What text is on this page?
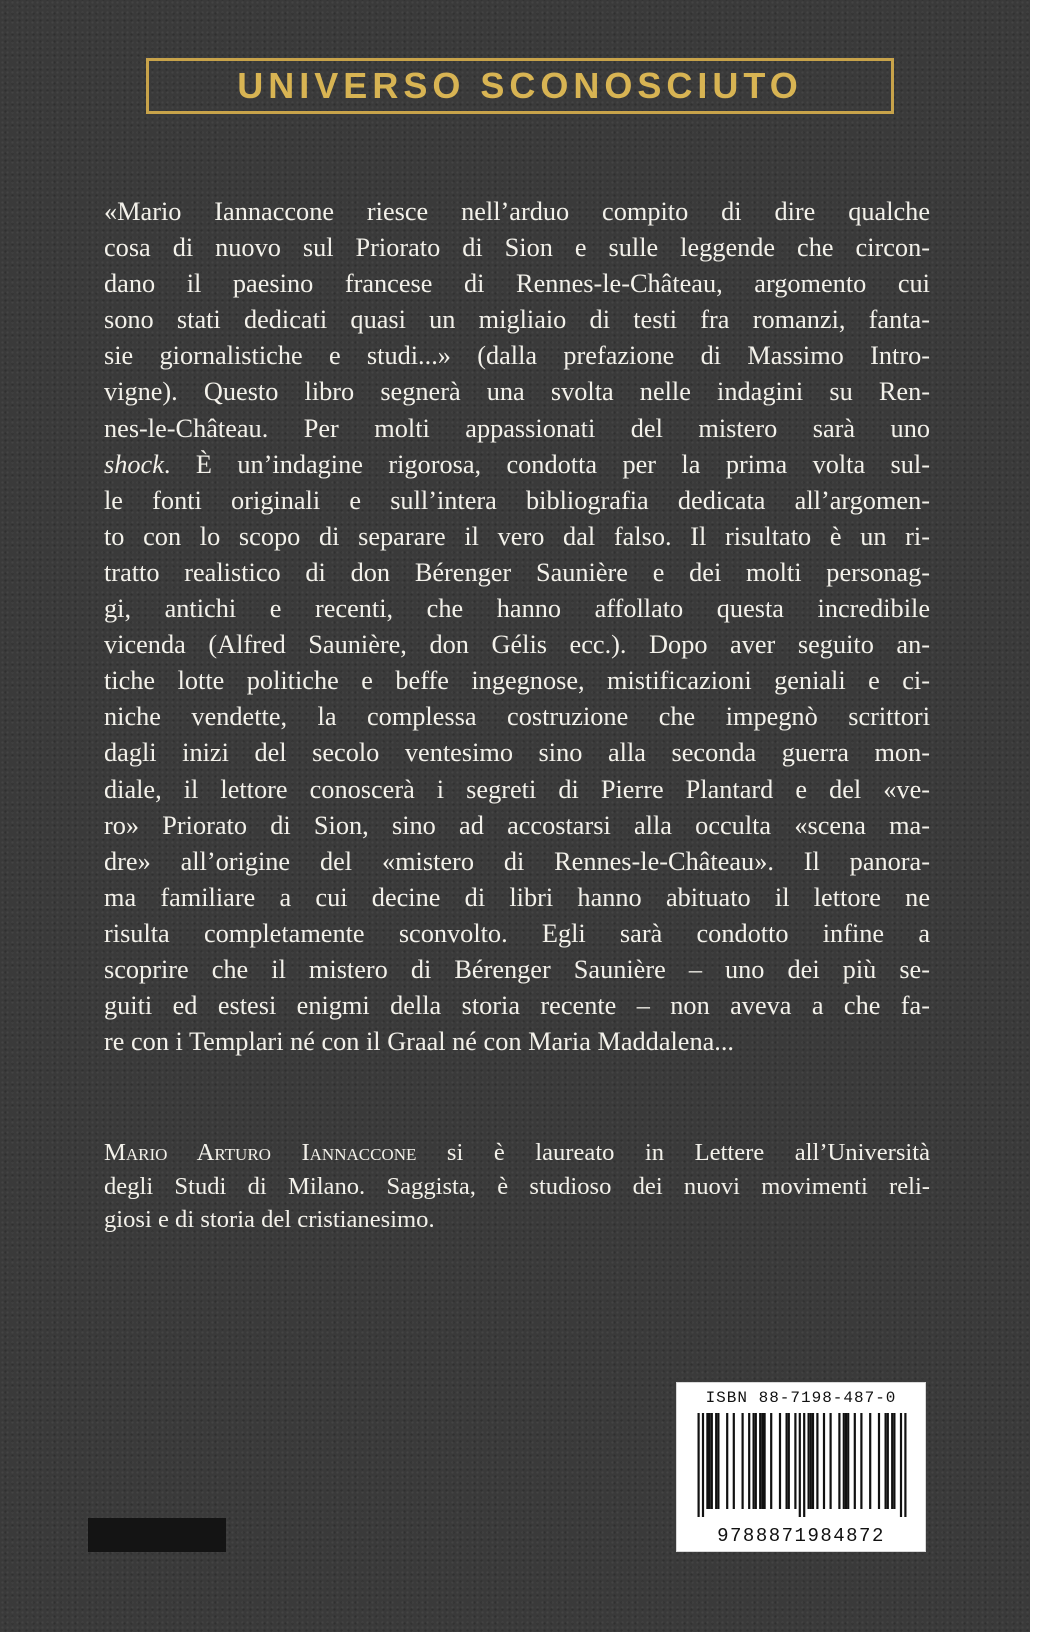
UNIVERSO SCONOSCIUTO
«Mario Iannaccone riesce nell’arduo compito di dire qualche
cosa di nuovo sul Priorato di Sion e sulle leggende che circon-
dano il paesino francese di Rennes-le-Château, argomento cui
sono stati dedicati quasi un migliaio di testi fra romanzi, fanta-
sie giornalistiche e studi...» (dalla prefazione di Massimo Intro-
vigne). Questo libro segnerà una svolta nelle indagini su Ren-
nes-le-Château. Per molti appassionati del mistero sarà uno
shock. È un’indagine rigorosa, condotta per la prima volta sul-
le fonti originali e sull’intera bibliografia dedicata all’argomen-
to con lo scopo di separare il vero dal falso. Il risultato è un ri-
tratto realistico di don Bérenger Saunière e dei molti personag-
gi, antichi e recenti, che hanno affollato questa incredibile
vicenda (Alfred Saunière, don Gélis ecc.). Dopo aver seguito an-
tiche lotte politiche e beffe ingegnose, mistificazioni geniali e ci-
niche vendette, la complessa costruzione che impegnò scrittori
dagli inizi del secolo ventesimo sino alla seconda guerra mon-
diale, il lettore conoscerà i segreti di Pierre Plantard e del «ve-
ro» Priorato di Sion, sino ad accostarsi alla occulta «scena ma-
dre» all’origine del «mistero di Rennes-le-Château». Il panora-
ma familiare a cui decine di libri hanno abituato il lettore ne
risulta completamente sconvolto. Egli sarà condotto infine a
scoprire che il mistero di Bérenger Saunière – uno dei più se-
guiti ed estesi enigmi della storia recente – non aveva a che fa-
re con i Templari né con il Graal né con Maria Maddalena...
Mario Arturo Iannaccone si è laureato in Lettere all’Università
degli Studi di Milano. Saggista, è studioso dei nuovi movimenti reli-
giosi e di storia del cristianesimo.
ISBN 88-7198-487-0
9788871984872
